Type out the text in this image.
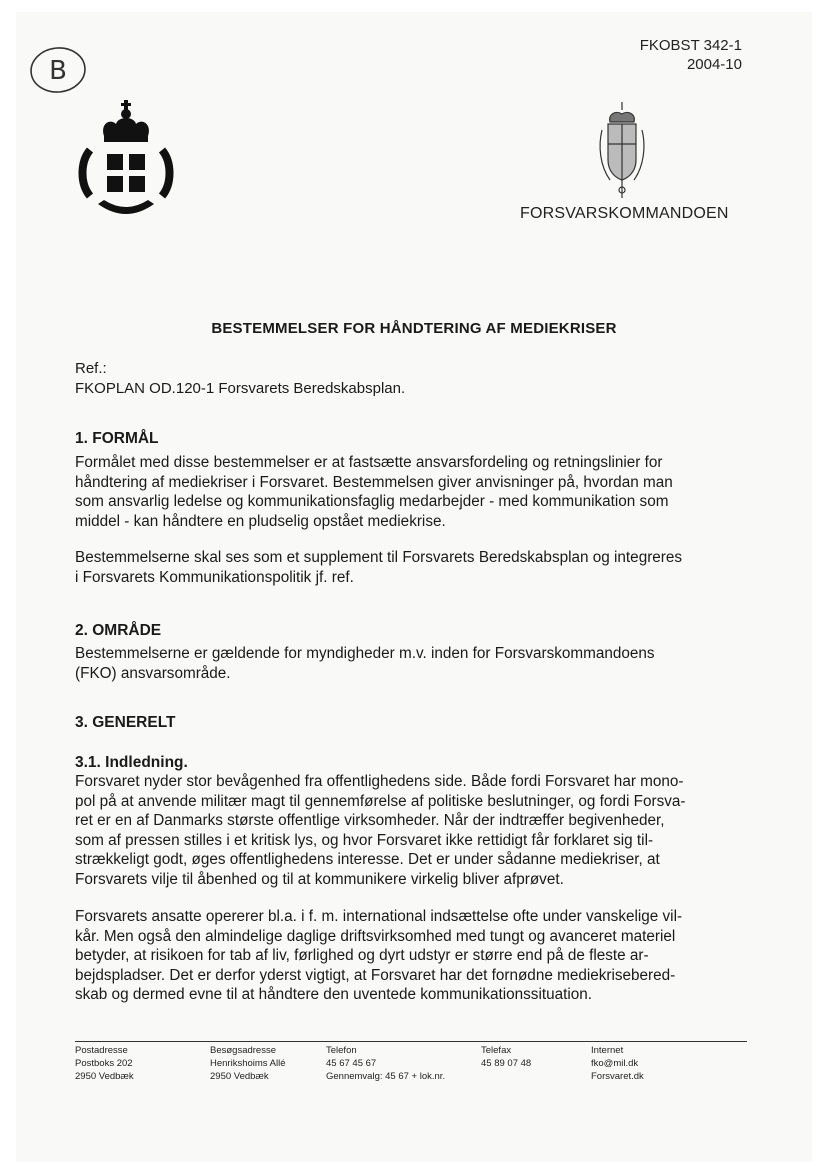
B
FKOBST 342-1
2004-10
FORSVARSKOMMANDOEN
BESTEMMELSER FOR HÅNDTERING AF MEDIEKRISER
Ref.:
FKOPLAN OD.120-1 Forsvarets Beredskabsplan.
1. FORMÅL
Formålet med disse bestemmelser er at fastsætte ansvarsfordeling og retningslinier for
håndtering af mediekriser i Forsvaret. Bestemmelsen giver anvisninger på, hvordan man
som ansvarlig ledelse og kommunikationsfaglig medarbejder - med kommunikation som
middel - kan håndtere en pludselig opstået mediekrise.
Bestemmelserne skal ses som et supplement til Forsvarets Beredskabsplan og integreres
i Forsvarets Kommunikationspolitik jf. ref.
2. OMRÅDE
Bestemmelserne er gældende for myndigheder m.v. inden for Forsvarskommandoens
(FKO) ansvarsområde.
3. GENERELT
3.1. Indledning.
Forsvaret nyder stor bevågenhed fra offentlighedens side. Både fordi Forsvaret har mono-
pol på at anvende militær magt til gennemførelse af politiske beslutninger, og fordi Forsva-
ret er en af Danmarks største offentlige virksomheder. Når der indtræffer begivenheder,
som af pressen stilles i et kritisk lys, og hvor Forsvaret ikke rettidigt får forklaret sig til-
strækkeligt godt, øges offentlighedens interesse. Det er under sådanne mediekriser, at
Forsvarets vilje til åbenhed og til at kommunikere virkelig bliver afprøvet.
Forsvarets ansatte opererer bl.a. i f. m. international indsættelse ofte under vanskelige vil-
kår. Men også den almindelige daglige driftsvirksomhed med tungt og avanceret materiel
betyder, at risikoen for tab af liv, førlighed og dyrt udstyr er større end på de fleste ar-
bejdspladser. Det er derfor yderst vigtigt, at Forsvaret har det fornødne mediekrisebered-
skab og dermed evne til at håndtere den uventede kommunikationssituation.
Postadresse
Postboks 202
2950 Vedbæk
Besøgsadresse
Henrikshoims Allé
2950 Vedbæk
Telefon
45 67 45 67
Gennemvalg: 45 67 + lok.nr.
Telefax
45 89 07 48
Internet
fko@mil.dk
Forsvaret.dk
